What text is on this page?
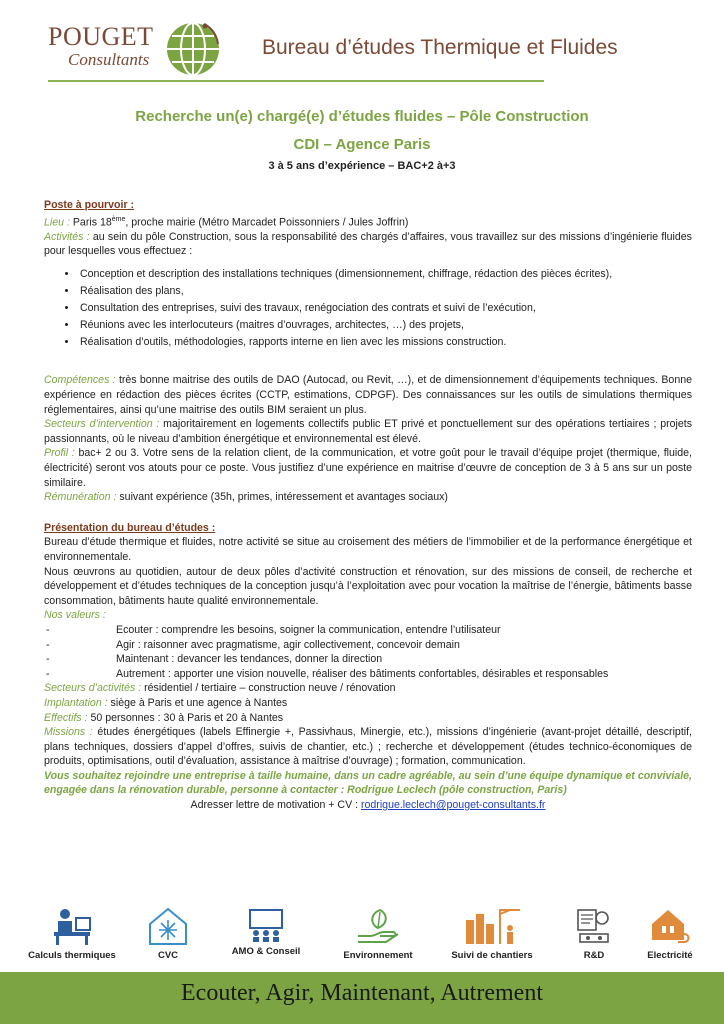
POUGET
Consultants
Bureau d’études Thermique et Fluides
Recherche un(e) chargé(e) d’études fluides – Pôle Construction
CDI – Agence Paris
3 à 5 ans d’expérience – BAC+2 à+3

Poste à pourvoir :

Lieu : Paris 18ème, proche mairie (Métro Marcadet Poissonniers / Jules Joffrin)

Activités : au sein du pôle Construction, sous la responsabilité des chargés d’affaires, vous travaillez sur des missions d’ingénierie fluides pour lesquelles vous effectuez :

• Conception et description des installations techniques (dimensionnement, chiffrage, rédaction des pièces écrites),
• Réalisation des plans,
• Consultation des entreprises, suivi des travaux, renégociation des contrats et suivi de l’exécution,
• Réunions avec les interlocuteurs (maitres d’ouvrages, architectes, …) des projets,
• Réalisation d’outils, méthodologies, rapports interne en lien avec les missions construction.

Compétences : très bonne maitrise des outils de DAO (Autocad, ou Revit, …), et de dimensionnement d’équipements techniques. Bonne expérience en rédaction des pièces écrites (CCTP, estimations, CDPGF). Des connaissances sur les outils de simulations thermiques réglementaires, ainsi qu’une maitrise des outils BIM seraient un plus.

Secteurs d’intervention : majoritairement en logements collectifs public ET privé et ponctuellement sur des opérations tertiaires ; projets passionnants, où le niveau d’ambition énergétique et environnemental est élevé.

Profil : bac+ 2 ou 3. Votre sens de la relation client, de la communication, et votre goût pour le travail d’équipe projet (thermique, fluide, électricité) seront vos atouts pour ce poste. Vous justifiez d’une expérience en maitrise d’œuvre de conception de 3 à 5 ans sur un poste similaire.

Rémunération : suivant expérience (35h, primes, intéressement et avantages sociaux)

Présentation du bureau d’études :

Bureau d’étude thermique et fluides, notre activité se situe au croisement des métiers de l’immobilier et de la performance énergétique et environnementale.

Nous œuvrons au quotidien, autour de deux pôles d’activité construction et rénovation, sur des missions de conseil, de recherche et développement et d’études techniques de la conception jusqu’à l’exploitation avec pour vocation la maîtrise de l’énergie, bâtiments basse consommation, bâtiments haute qualité environnementale.

Nos valeurs :

-	Ecouter : comprendre les besoins, soigner la communication, entendre l’utilisateur
-	Agir : raisonner avec pragmatisme, agir collectivement, concevoir demain
-	Maintenant : devancer les tendances, donner la direction
-	Autrement : apporter une vision nouvelle, réaliser des bâtiments confortables, désirables et responsables

Secteurs d’activités : résidentiel / tertiaire – construction neuve / rénovation

Implantation : siège à Paris et une agence à Nantes

Effectifs : 50 personnes : 30 à Paris et 20 à Nantes

Missions : études énergétiques (labels Effinergie +, Passivhaus, Minergie, etc.), missions d’ingénierie (avant-projet détaillé, descriptif, plans techniques, dossiers d’appel d’offres, suivis de chantier, etc.) ; recherche et développement (études technico-économiques de produits, optimisations, outil d’évaluation, assistance à maîtrise d’ouvrage) ; formation, communication.

Vous souhaitez rejoindre une entreprise à taille humaine, dans un cadre agréable, au sein d’une équipe dynamique et conviviale, engagée dans la rénovation durable, personne à contacter : Rodrigue Leclech (pôle construction, Paris)

Adresser lettre de motivation + CV : rodrigue.leclech@pouget-consultants.fr

Calculs thermiques	CVC	AMO & Conseil	Environnement	Suivi de chantiers	R&D	Electricité
Ecouter, Agir, Maintenant, Autrement
